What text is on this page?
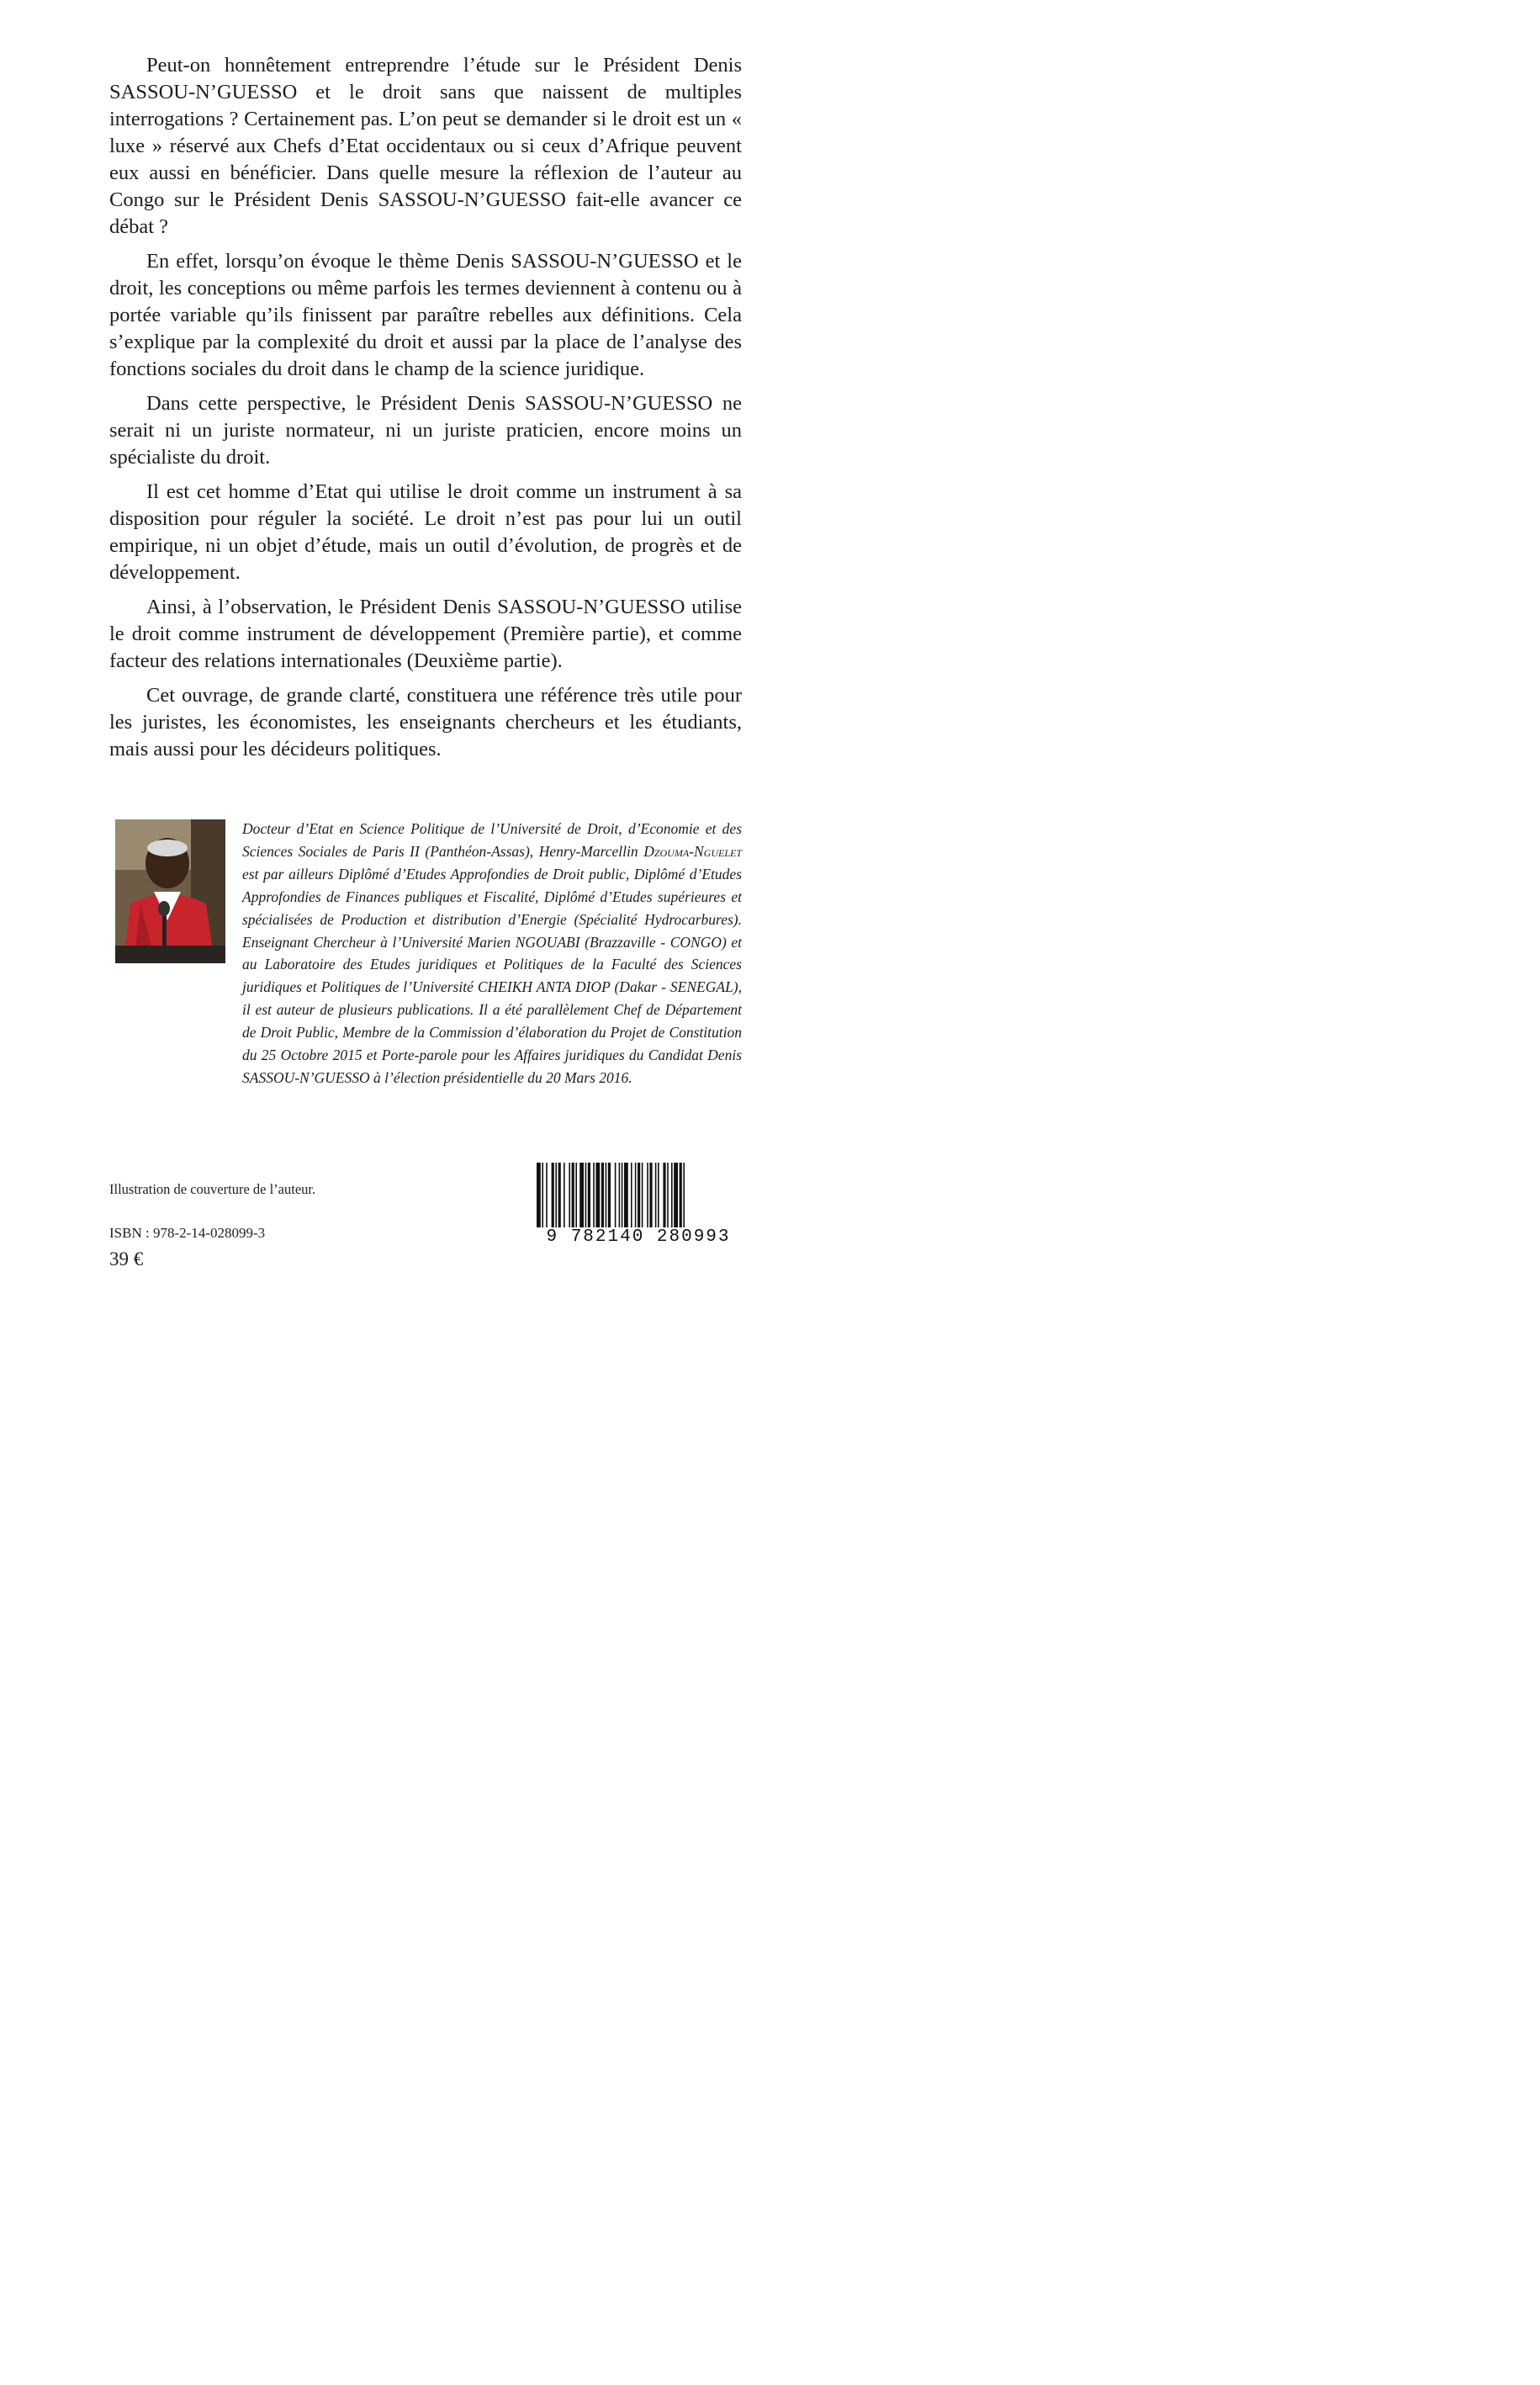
Peut-on honnêtement entreprendre l’étude sur le Président Denis SASSOU-N’GUESSO et le droit sans que naissent de multiples interrogations ? Certainement pas. L’on peut se demander si le droit est un « luxe » réservé aux Chefs d’Etat occidentaux ou si ceux d’Afrique peuvent eux aussi en bénéficier. Dans quelle mesure la réflexion de l’auteur au Congo sur le Président Denis SASSOU-N’GUESSO fait-elle avancer ce débat ?

En effet, lorsqu’on évoque le thème Denis SASSOU-N’GUESSO et le droit, les conceptions ou même parfois les termes deviennent à contenu ou à portée variable qu’ils finissent par paraître rebelles aux définitions. Cela s’explique par la complexité du droit et aussi par la place de l’analyse des fonctions sociales du droit dans le champ de la science juridique.

Dans cette perspective, le Président Denis SASSOU-N’GUESSO ne serait ni un juriste normateur, ni un juriste praticien, encore moins un spécialiste du droit.

Il est cet homme d’Etat qui utilise le droit comme un instrument à sa disposition pour réguler la société. Le droit n’est pas pour lui un outil empirique, ni un objet d’étude, mais un outil d’évolution, de progrès et de développement.

Ainsi, à l’observation, le Président Denis SASSOU-N’GUESSO utilise le droit comme instrument de développement (Première partie), et comme facteur des relations internationales (Deuxième partie).

Cet ouvrage, de grande clarté, constituera une référence très utile pour les juristes, les économistes, les enseignants chercheurs et les étudiants, mais aussi pour les décideurs politiques.

Docteur d’Etat en Science Politique de l’Université de Droit, d’Economie et des Sciences Sociales de Paris II (Panthéon-Assas), Henry-Marcellin Dzouma-Nguelet est par ailleurs Diplômé d’Etudes Approfondies de Droit public, Diplômé d’Etudes Approfondies de Finances publiques et Fiscalité, Diplômé d’Etudes supérieures et spécialisées de Production et distribution d’Energie (Spécialité Hydrocarbures). Enseignant Chercheur à l’Université Marien NGOUABI (Brazzaville - CONGO) et au Laboratoire des Etudes juridiques et Politiques de la Faculté des Sciences juridiques et Politiques de l’Université CHEIKH ANTA DIOP (Dakar - SENEGAL), il est auteur de plusieurs publications. Il a été parallèlement Chef de Département de Droit Public, Membre de la Commission d’élaboration du Projet de Constitution du 25 Octobre 2015 et Porte-parole pour les Affaires juridiques du Candidat Denis SASSOU-N’GUESSO à l’élection présidentielle du 20 Mars 2016.
Illustration de couverture de l’auteur.
ISBN : 978-2-14-028099-3
39 €
9 782140 280993
